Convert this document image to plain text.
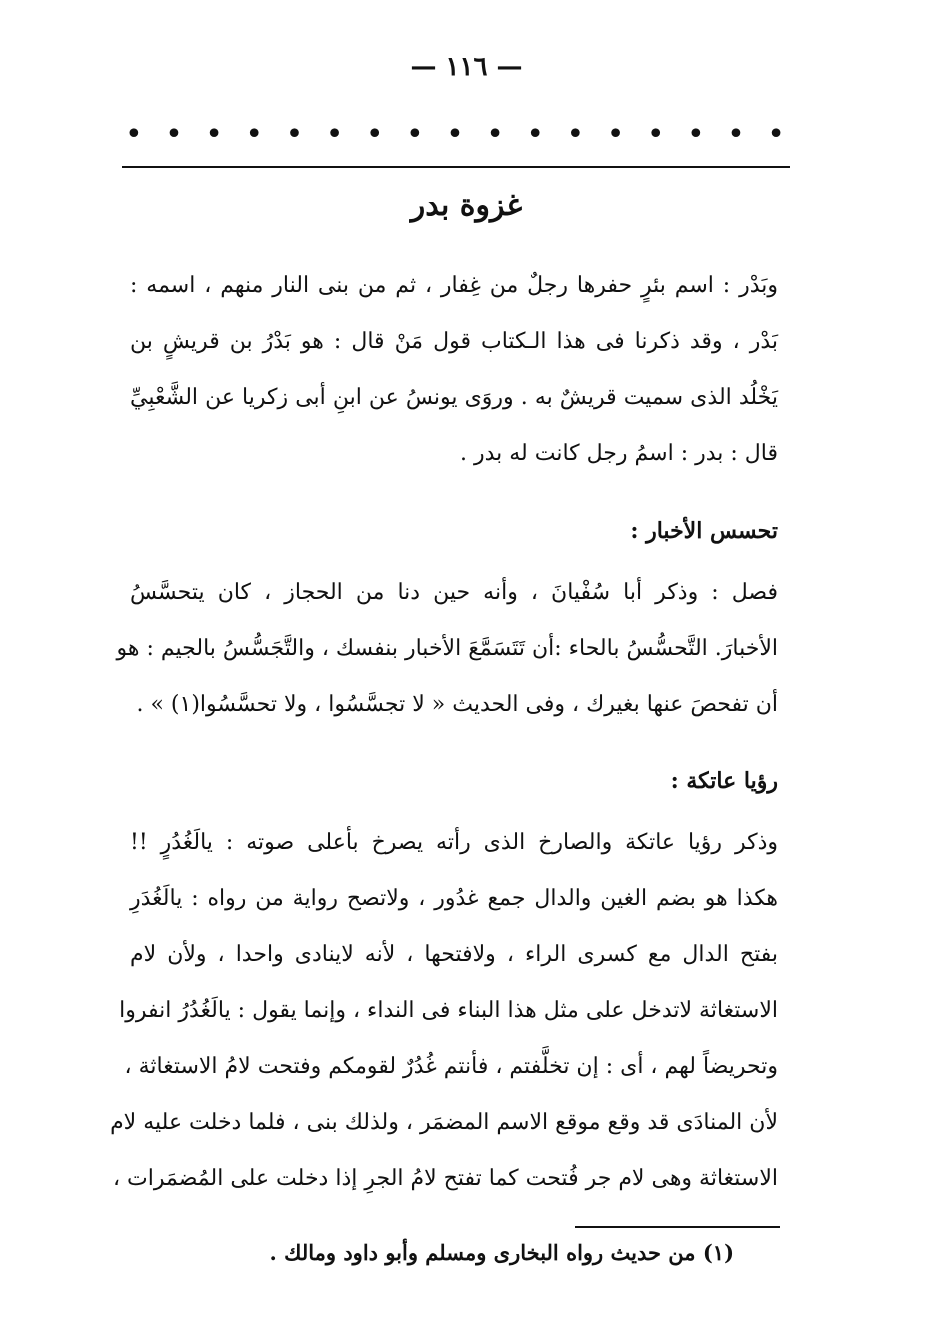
— ١١٦ —
• • • • • • • • • • • • • • • • •
غزوة بدر
وبَدْر : اسم بئرٍ حفرها رجلٌ من غِفار ، ثم من بنى النار منهم ، اسمه :
بَدْر ، وقد ذكرنا فى هذا الـكتاب قول مَنْ قال : هو بَدْرُ بن قريشٍ بن
يَخْلُد الذى سميت قريشٌ به . وروَى يونسُ عن ابنِ أبى زكريا عن الشَّعْبِيِّ
قال : بدر : اسمُ رجل كانت له بدر .
تحسس الأخبار :
فصل : وذكر أبا سُفْيانَ ، وأنه حين دنا من الحجاز ، كان يتحسَّسُ
الأخبارَ. التَّحسُّسُ بالحاء :أن تَتَسَمَّعَ الأخبار بنفسك ، والتَّجَسُّسُ بالجيم : هو
أن تفحصَ عنها بغيرك ، وفى الحديث « لا تجسَّسُوا ، ولا تحسَّسُوا(١) » .
رؤيا عاتكة :
وذكر رؤيا عاتكة والصارخ الذى رأته يصرخ بأعلى صوته : يالَغُدُرٍ !!
هكذا هو بضم الغين والدال جمع غدُور ، ولاتصح رواية من رواه : يالَغُدَرِ
بفتح الدال مع كسرى الراء ، ولافتحها ، لأنه لاينادى واحدا ، ولأن لام
الاستغاثة لاتدخل على مثل هذا البناء فى النداء ، وإنما يقول : يالَغُدُرُ انفروا
وتحريضاً لهم ، أى : إن تخلَّفتم ، فأنتم غُدُرٌ لقومكم وفتحت لامُ الاستغاثة ،
لأن المنادَى قد وقع موقع الاسم المضمَر ، ولذلك بنى ، فلما دخلت عليه لام
الاستغاثة وهى لام جر فُتحت كما تفتح لامُ الجرِ إذا دخلت على المُضمَرات ،
(١) من حديث رواه البخارى ومسلم وأبو داود ومالك .
